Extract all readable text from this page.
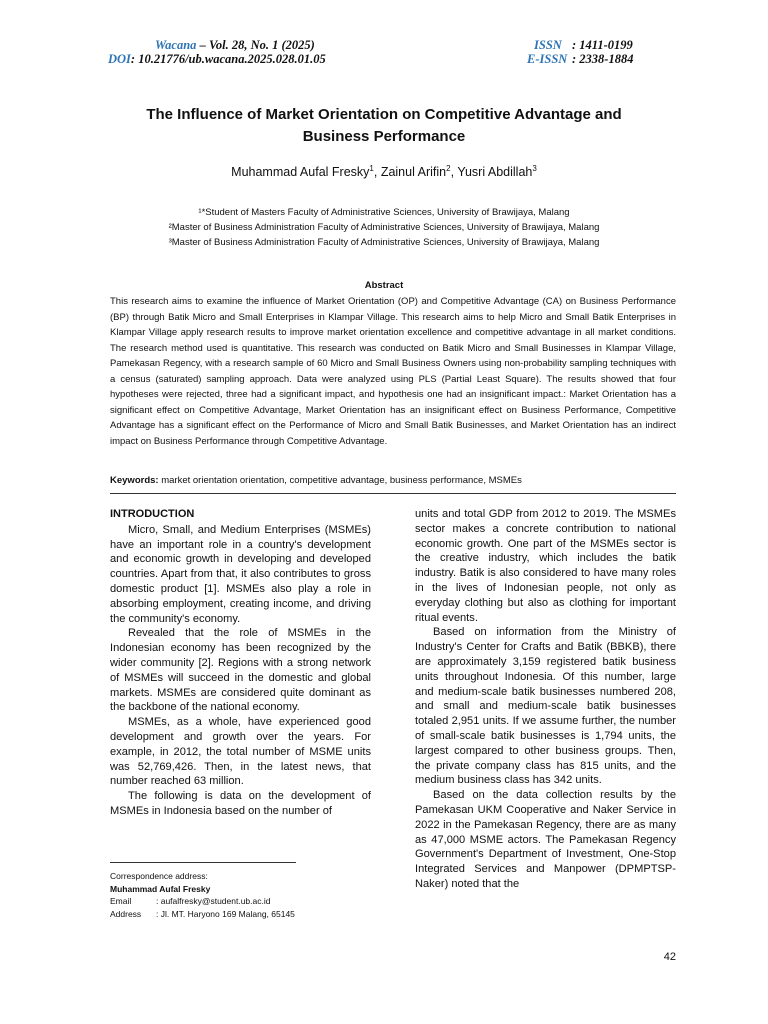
Wacana – Vol. 28, No. 1 (2025)
DOI: 10.21776/ub.wacana.2025.028.01.05
ISSN : 1411-0199
E-ISSN : 2338-1884
The Influence of Market Orientation on Competitive Advantage and
Business Performance
Muhammad Aufal Fresky$^1$, Zainul Arifin$^2$, Yusri Abdillah$^3$
¹*Student of Masters Faculty of Administrative Sciences, University of Brawijaya, Malang
²Master of Business Administration Faculty of Administrative Sciences, University of Brawijaya, Malang
³Master of Business Administration Faculty of Administrative Sciences, University of Brawijaya, Malang
Abstract
This research aims to examine the influence of Market Orientation (OP) and Competitive Advantage (CA) on Business Performance (BP) through Batik Micro and Small Enterprises in Klampar Village. This research aims to help Micro and Small Batik Enterprises in Klampar Village apply research results to improve market orientation excellence and competitive advantage in all market conditions. The research method used is quantitative. This research was conducted on Batik Micro and Small Businesses in Klampar Village, Pamekasan Regency, with a research sample of 60 Micro and Small Business Owners using non-probability sampling techniques with a census (saturated) sampling approach. Data were analyzed using PLS (Partial Least Square). The results showed that four hypotheses were rejected, three had a significant impact, and hypothesis one had an insignificant impact.: Market Orientation has a significant effect on Competitive Advantage, Market Orientation has an insignificant effect on Business Performance, Competitive Advantage has a significant effect on the Performance of Micro and Small Batik Businesses, and Market Orientation has an indirect impact on Business Performance through Competitive Advantage.
Keywords: market orientation orientation, competitive advantage, business performance, MSMEs
INTRODUCTION

Micro, Small, and Medium Enterprises (MSMEs) have an important role in a country's development and economic growth in developing and developed countries. Apart from that, it also contributes to gross domestic product [1]. MSMEs also play a role in absorbing employment, creating income, and driving the community's economy.

Revealed that the role of MSMEs in the Indonesian economy has been recognized by the wider community [2]. Regions with a strong network of MSMEs will succeed in the domestic and global markets. MSMEs are considered quite dominant as the backbone of the national economy.

MSMEs, as a whole, have experienced good development and growth over the years. For example, in 2012, the total number of MSME units was 52,769,426. Then, in the latest news, that number reached 63 million.

The following is data on the development of MSMEs in Indonesia based on the number of

units and total GDP from 2012 to 2019. The MSMEs sector makes a concrete contribution to national economic growth. One part of the MSMEs sector is the creative industry, which includes the batik industry. Batik is also considered to have many roles in the lives of Indonesian people, not only as everyday clothing but also as clothing for important ritual events.

Based on information from the Ministry of Industry's Center for Crafts and Batik (BBKB), there are approximately 3,159 registered batik business units throughout Indonesia. Of this number, large and medium-scale batik businesses numbered 208, and small and medium-scale batik businesses totaled 2,951 units. If we assume further, the number of small-scale batik businesses is 1,794 units, the largest compared to other business groups. Then, the private company class has 815 units, and the medium business class has 342 units.

Based on the data collection results by the Pamekasan UKM Cooperative and Naker Service in 2022 in the Pamekasan Regency, there are as many as 47,000 MSME actors. The Pamekasan Regency Government's Department of Investment, One-Stop Integrated Services and Manpower (DPMPTSP-Naker) noted that the

Correspondence address:
Muhammad Aufal Fresky
Email	: aufalfresky@student.ub.ac.id
Address : Jl. MT. Haryono 169 Malang, 65145
42
